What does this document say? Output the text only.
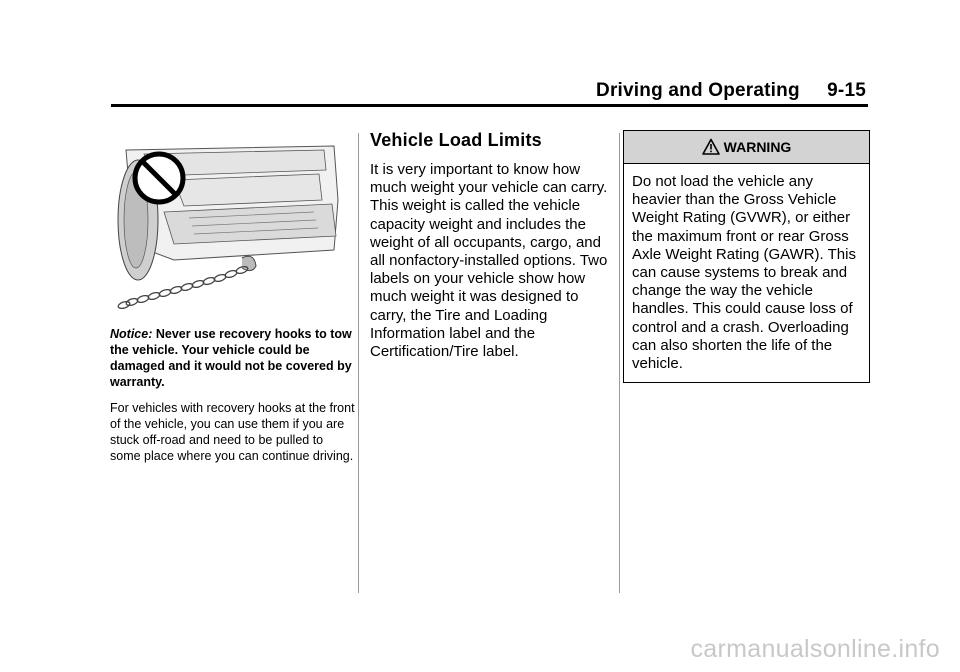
Driving and Operating     9-15
Notice: Never use recovery hooks to tow the vehicle. Your vehicle could be damaged and it would not be covered by warranty.
For vehicles with recovery hooks at the front of the vehicle, you can use them if you are stuck off-road and need to be pulled to some place where you can continue driving.
Vehicle Load Limits
It is very important to know how much weight your vehicle can carry. This weight is called the vehicle capacity weight and includes the weight of all occupants, cargo, and all nonfactory-installed options. Two labels on your vehicle show how much weight it was designed to carry, the Tire and Loading Information label and the Certification/Tire label.
WARNING
Do not load the vehicle any heavier than the Gross Vehicle Weight Rating (GVWR), or either the maximum front or rear Gross Axle Weight Rating (GAWR). This can cause systems to break and change the way the vehicle handles. This could cause loss of control and a crash. Overloading can also shorten the life of the vehicle.
carmanualsonline.info
